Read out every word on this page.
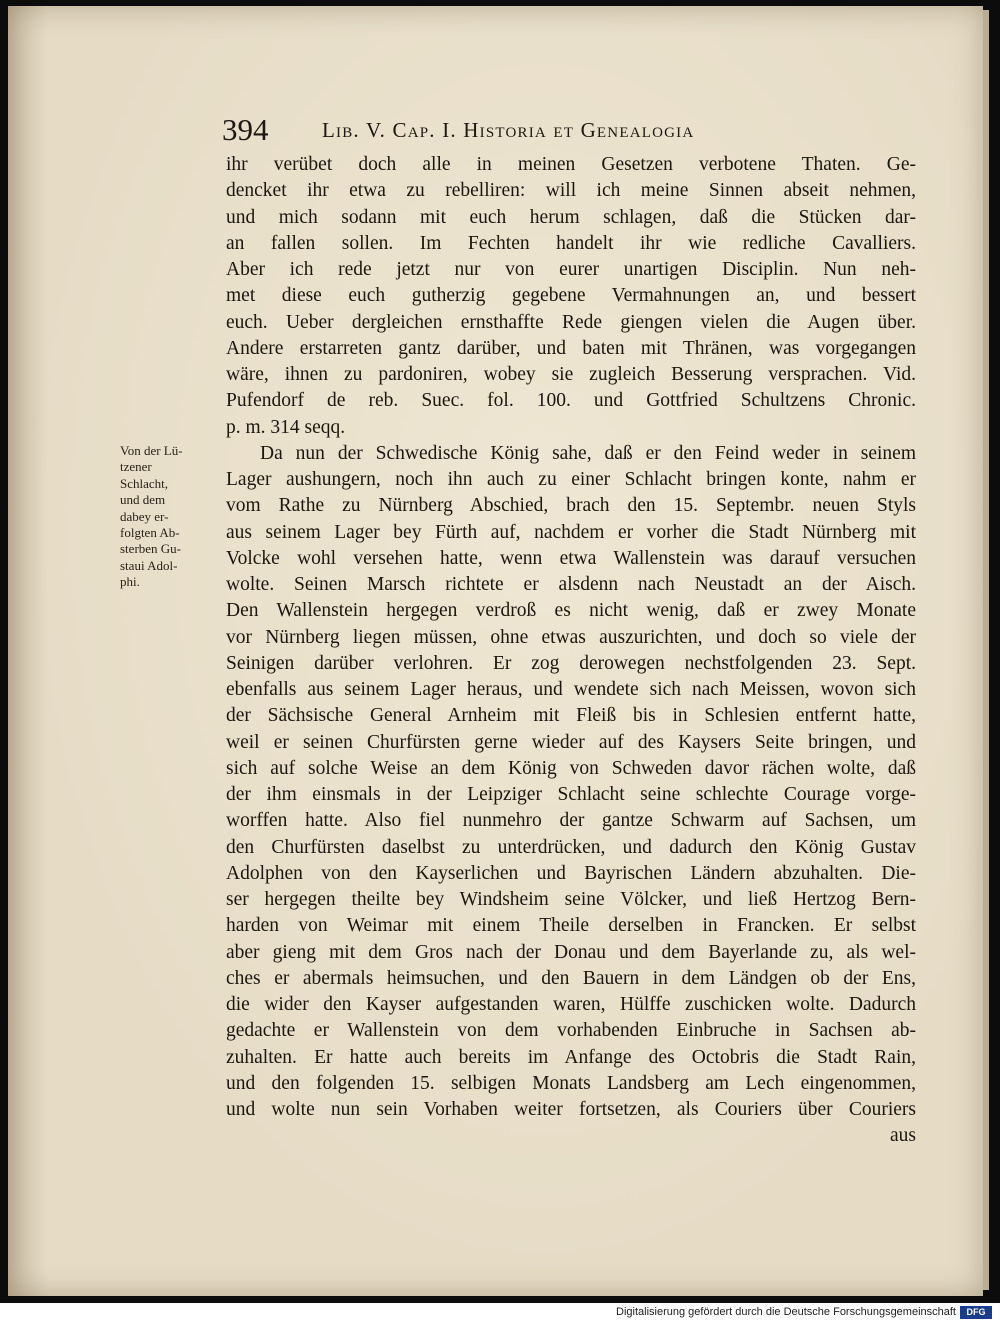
394	Lib. V. Cap. I. Historia et Genealogia
Von der Lü-
tzener
Schlacht,
und dem
dabey er-
folgten Ab-
sterben Gu-
staui Adol-
phi.
ihr verübet doch alle in meinen Gesetzen verbotene Thaten. Ge-
dencket ihr etwa zu rebelliren: will ich meine Sinnen abseit nehmen,
und mich sodann mit euch herum schlagen, daß die Stücken dar-
an fallen sollen. Im Fechten handelt ihr wie redliche Cavalliers.
Aber ich rede jetzt nur von eurer unartigen Disciplin. Nun neh-
met diese euch gutherzig gegebene Vermahnungen an, und bessert
euch. Ueber dergleichen ernsthaffte Rede giengen vielen die Augen über.
Andere erstarreten gantz darüber, und baten mit Thränen, was vorgegangen
wäre, ihnen zu pardoniren, wobey sie zugleich Besserung versprachen. Vid.
Pufendorf de reb. Suec. fol. 100. und Gottfried Schultzens Chronic.
p. m. 314 seqq.
Da nun der Schwedische König sahe, daß er den Feind weder in seinem
Lager aushungern, noch ihn auch zu einer Schlacht bringen konte, nahm er
vom Rathe zu Nürnberg Abschied, brach den 15. Septembr. neuen Styls
aus seinem Lager bey Fürth auf, nachdem er vorher die Stadt Nürnberg mit
Volcke wohl versehen hatte, wenn etwa Wallenstein was darauf versuchen
wolte. Seinen Marsch richtete er alsdenn nach Neustadt an der Aisch.
Den Wallenstein hergegen verdroß es nicht wenig, daß er zwey Monate
vor Nürnberg liegen müssen, ohne etwas auszurichten, und doch so viele der
Seinigen darüber verlohren. Er zog derowegen nechstfolgenden 23. Sept.
ebenfalls aus seinem Lager heraus, und wendete sich nach Meissen, wovon sich
der Sächsische General Arnheim mit Fleiß bis in Schlesien entfernt hatte,
weil er seinen Churfürsten gerne wieder auf des Kaysers Seite bringen, und
sich auf solche Weise an dem König von Schweden davor rächen wolte, daß
der ihm einsmals in der Leipziger Schlacht seine schlechte Courage vorge-
worffen hatte. Also fiel nunmehro der gantze Schwarm auf Sachsen, um
den Churfürsten daselbst zu unterdrücken, und dadurch den König Gustav
Adolphen von den Kayserlichen und Bayrischen Ländern abzuhalten. Die-
ser hergegen theilte bey Windsheim seine Völcker, und ließ Hertzog Bern-
harden von Weimar mit einem Theile derselben in Francken. Er selbst
aber gieng mit dem Gros nach der Donau und dem Bayerlande zu, als wel-
ches er abermals heimsuchen, und den Bauern in dem Ländgen ob der Ens,
die wider den Kayser aufgestanden waren, Hülffe zuschicken wolte. Dadurch
gedachte er Wallenstein von dem vorhabenden Einbruche in Sachsen ab-
zuhalten. Er hatte auch bereits im Anfange des Octobris die Stadt Rain,
und den folgenden 15. selbigen Monats Landsberg am Lech eingenommen,
und wolte nun sein Vorhaben weiter fortsetzen, als Couriers über Couriers
aus
Digitalisierung gefördert durch die Deutsche Forschungsgemeinschaft	DFG
